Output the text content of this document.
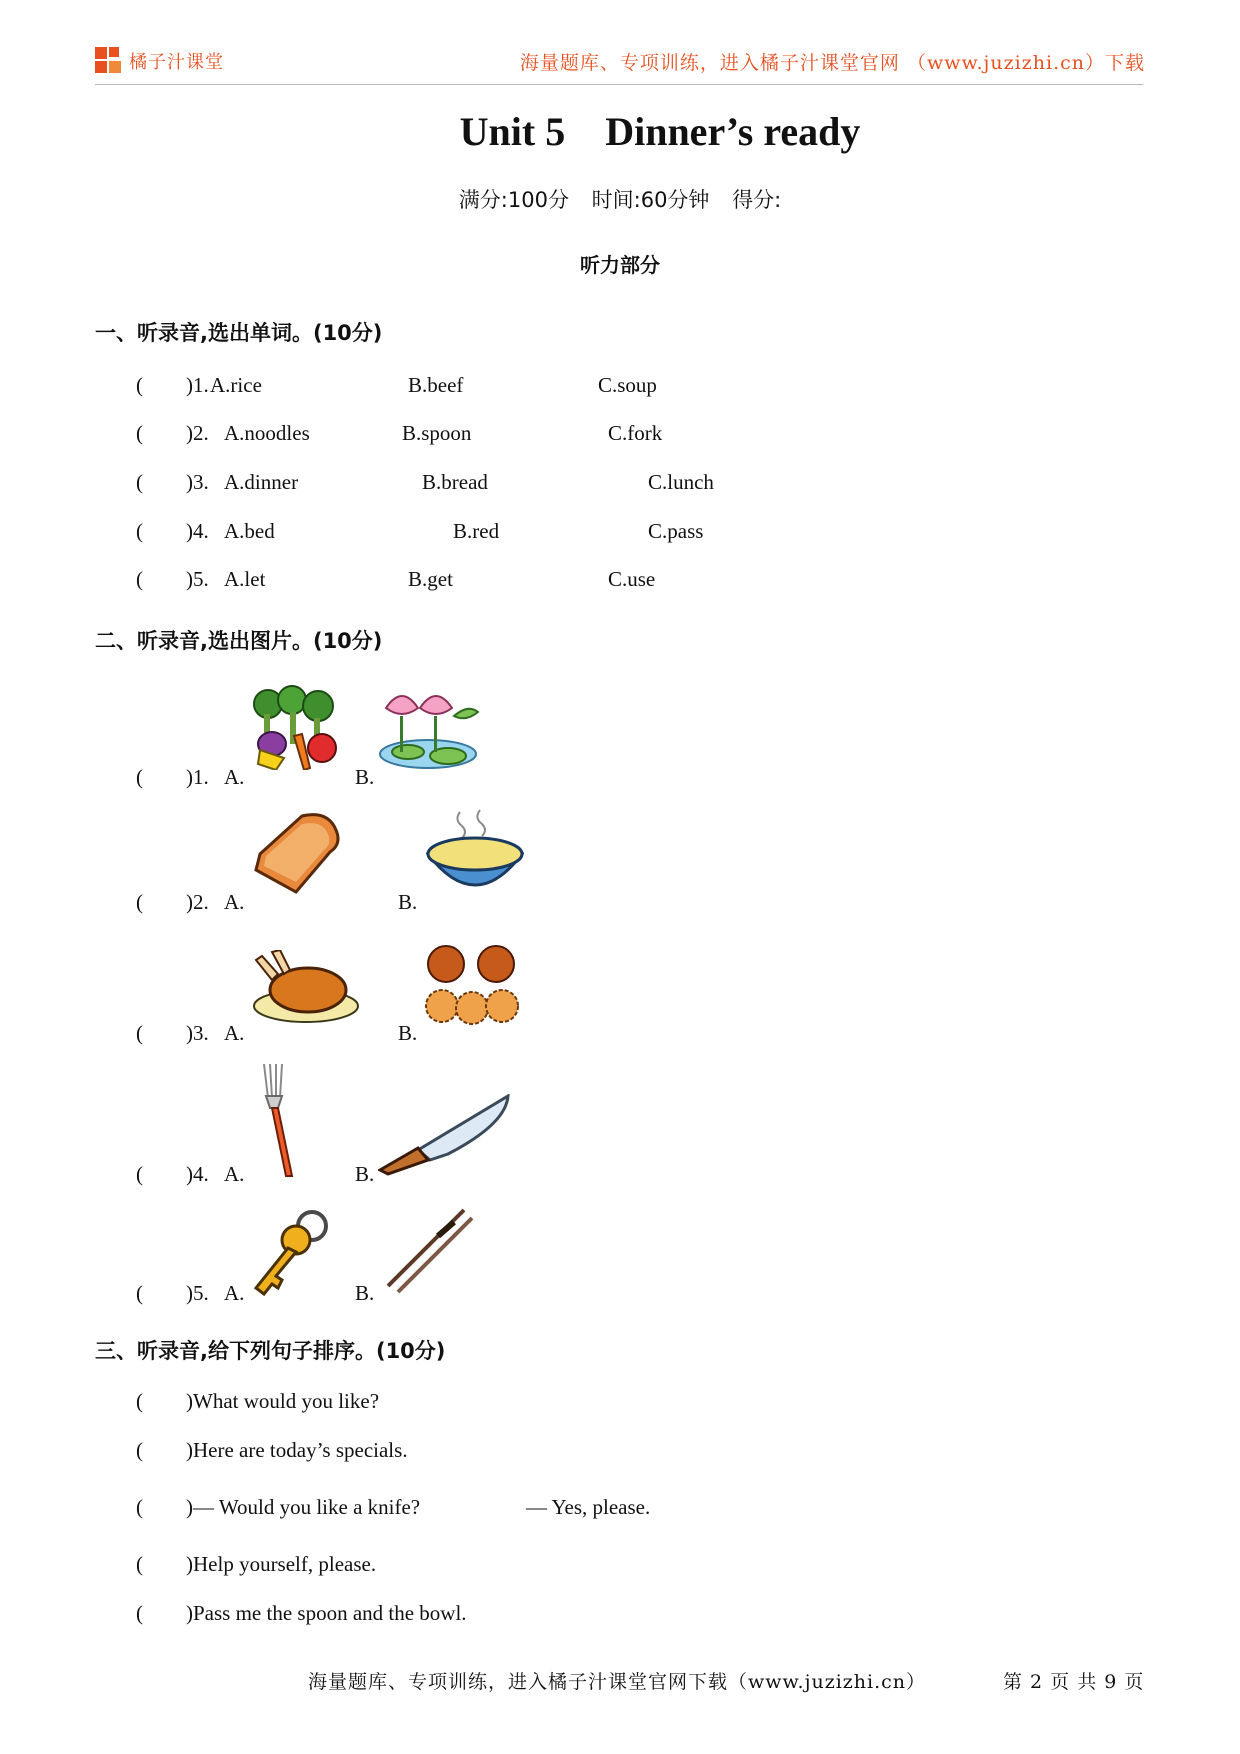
橘子汁课堂	海量题库、专项训练，进入橘子汁课堂官网 （www.juzizhi.cn）下载
Unit 5    Dinner’s ready
满分:100分 时间:60分钟 得分:
听力部分
一、听录音,选出单词。(10分)
( )1. A.rice	B.beef	C.soup
( )2. A.noodles	B.spoon	C.fork
( )3. A.dinner	B.bread	C.lunch
( )4. A.bed	B.red	C.pass
( )5. A.let	B.get	C.use
二、听录音,选出图片。(10分)
( )1. A.	B.
( )2. A.	B.
( )3. A.	B.
( )4. A.	B.
( )5. A.	B.
三、听录音,给下列句子排序。(10分)
( )What would you like?
( )Here are today’s specials.
( )— Would you like a knife?	— Yes, please.
( )Help yourself, please.
( )Pass me the spoon and the bowl.
海量题库、专项训练，进入橘子汁课堂官网下载（www.juzizhi.cn）	第 2 页 共 9 页
